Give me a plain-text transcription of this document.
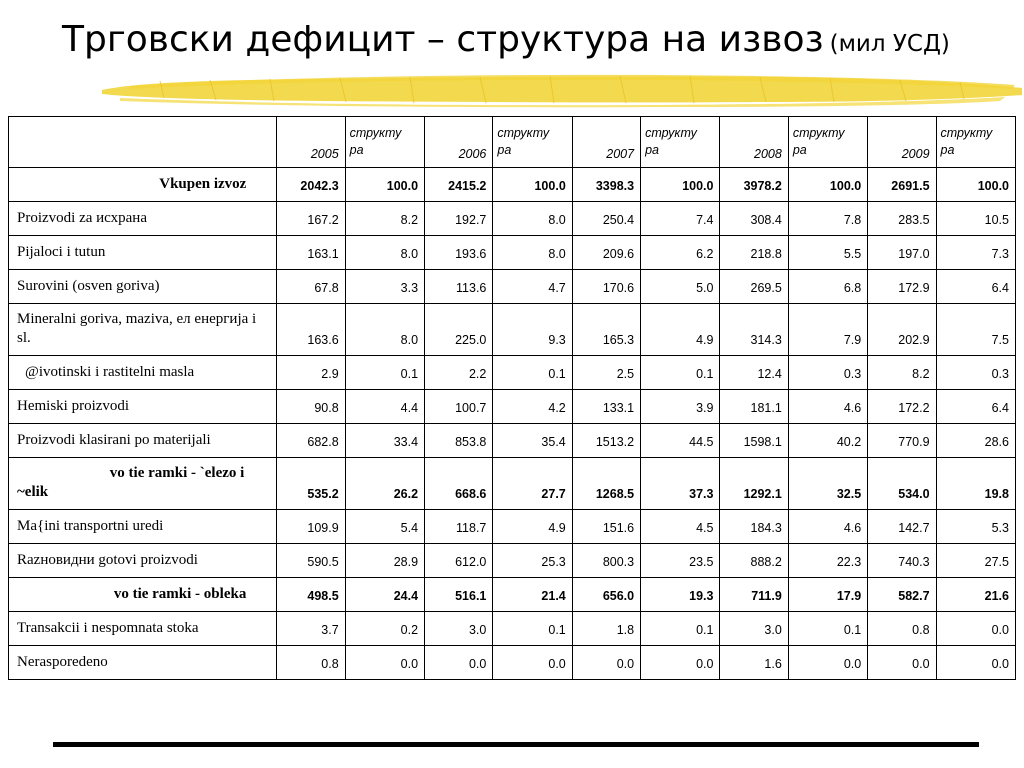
Трговски дефицит – структура на извоз (мил УСД)
	2005	структу ра	2006	структу ра	2007	структу ра	2008	структу ра	2009	структу ра
Vkupen izvoz	2042.3	100.0	2415.2	100.0	3398.3	100.0	3978.2	100.0	2691.5	100.0
Proizvodi za исхрана	167.2	8.2	192.7	8.0	250.4	7.4	308.4	7.8	283.5	10.5
Pijaloci i tutun	163.1	8.0	193.6	8.0	209.6	6.2	218.8	5.5	197.0	7.3
Surovini (osven goriva)	67.8	3.3	113.6	4.7	170.6	5.0	269.5	6.8	172.9	6.4
Mineralni goriva, maziva, ел енергија i sl.	163.6	8.0	225.0	9.3	165.3	4.9	314.3	7.9	202.9	7.5
@ivotinski i rastitelni masla	2.9	0.1	2.2	0.1	2.5	0.1	12.4	0.3	8.2	0.3
Hemiski proizvodi	90.8	4.4	100.7	4.2	133.1	3.9	181.1	4.6	172.2	6.4
Proizvodi klasirani po materijali	682.8	33.4	853.8	35.4	1513.2	44.5	1598.1	40.2	770.9	28.6

vo tie ramki - `elezo i
~elik	535.2	26.2	668.6	27.7	1268.5	37.3	1292.1	32.5	534.0	19.8
Ma{ini transportni uredi	109.9	5.4	118.7	4.9	151.6	4.5	184.3	4.6	142.7	5.3
Razновидни gotovi proizvodi	590.5	28.9	612.0	25.3	800.3	23.5	888.2	22.3	740.3	27.5
vo tie ramki - obleka	498.5	24.4	516.1	21.4	656.0	19.3	711.9	17.9	582.7	21.6
Transakcii i nespomnata stoka	3.7	0.2	3.0	0.1	1.8	0.1	3.0	0.1	0.8	0.0
Nerasporedeno	0.8	0.0	0.0	0.0	0.0	0.0	1.6	0.0	0.0	0.0
